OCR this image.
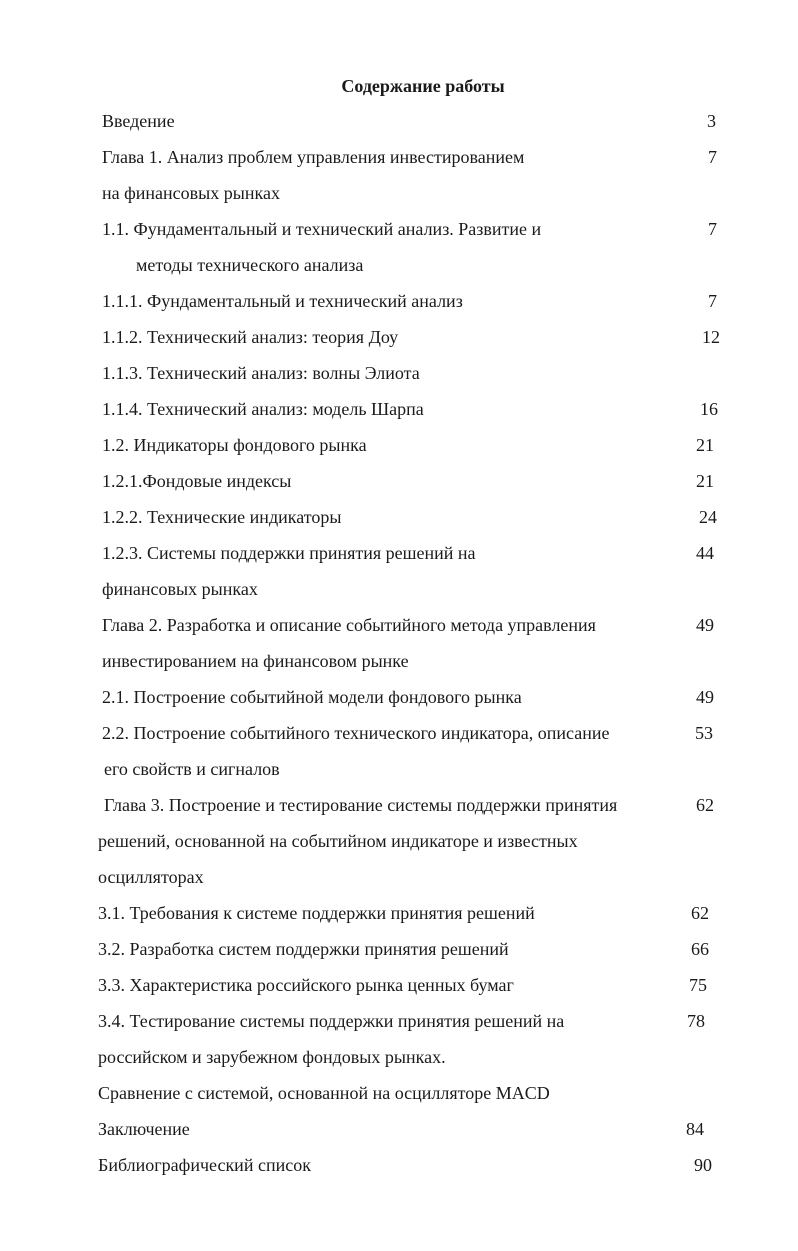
Содержание работы
Введение	3
Глава 1. Анализ проблем управления инвестированием	7
на финансовых рынках
1.1. Фундаментальный и технический анализ. Развитие и	7
методы технического анализа
1.1.1. Фундаментальный и технический анализ	7
1.1.2. Технический анализ: теория Доу	12
1.1.3. Технический анализ: волны Элиота
1.1.4. Технический анализ: модель Шарпа	16
1.2. Индикаторы фондового рынка	21
1.2.1.Фондовые индексы	21
1.2.2. Технические индикаторы	24
1.2.3. Системы поддержки принятия решений на	44
финансовых рынках
Глава 2. Разработка и описание событийного метода управления	49
инвестированием на финансовом рынке
2.1. Построение событийной модели фондового рынка	49
2.2. Построение событийного технического индикатора, описание	53
его свойств и сигналов
Глава 3. Построение и тестирование системы поддержки принятия	62
решений, основанной на событийном индикаторе и известных
осцилляторах
3.1. Требования к системе поддержки принятия решений	62
3.2. Разработка систем поддержки принятия решений	66
3.3. Характеристика российского рынка ценных бумаг	75
3.4. Тестирование системы поддержки принятия решений на	78
российском и зарубежном фондовых рынках.
Сравнение с системой, основанной на осцилляторе MACD
Заключение	84
Библиографический список	90
